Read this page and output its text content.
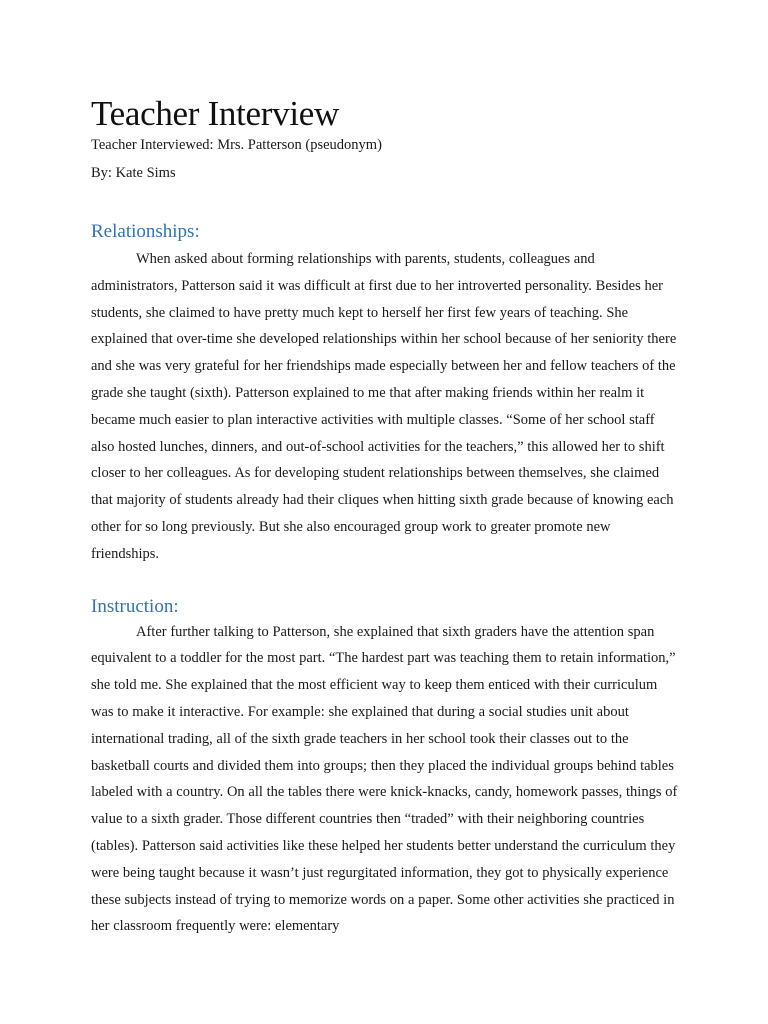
Teacher Interview

Teacher Interviewed: Mrs. Patterson (pseudonym)

By: Kate Sims

Relationships:

When asked about forming relationships with parents, students, colleagues and administrators, Patterson said it was difficult at first due to her introverted personality. Besides her students, she claimed to have pretty much kept to herself her first few years of teaching. She explained that over-time she developed relationships within her school because of her seniority there and she was very grateful for her friendships made especially between her and fellow teachers of the grade she taught (sixth). Patterson explained to me that after making friends within her realm it became much easier to plan interactive activities with multiple classes. “Some of her school staff also hosted lunches, dinners, and out-of-school activities for the teachers,” this allowed her to shift closer to her colleagues. As for developing student relationships between themselves, she claimed that majority of students already had their cliques when hitting sixth grade because of knowing each other for so long previously. But she also encouraged group work to greater promote new friendships.

Instruction:

After further talking to Patterson, she explained that sixth graders have the attention span equivalent to a toddler for the most part. “The hardest part was teaching them to retain information,” she told me. She explained that the most efficient way to keep them enticed with their curriculum was to make it interactive. For example: she explained that during a social studies unit about international trading, all of the sixth grade teachers in her school took their classes out to the basketball courts and divided them into groups; then they placed the individual groups behind tables labeled with a country. On all the tables there were knick-knacks, candy, homework passes, things of value to a sixth grader. Those different countries then “traded” with their neighboring countries (tables). Patterson said activities like these helped her students better understand the curriculum they were being taught because it wasn’t just regurgitated information, they got to physically experience these subjects instead of trying to memorize words on a paper. Some other activities she practiced in her classroom frequently were: elementary
